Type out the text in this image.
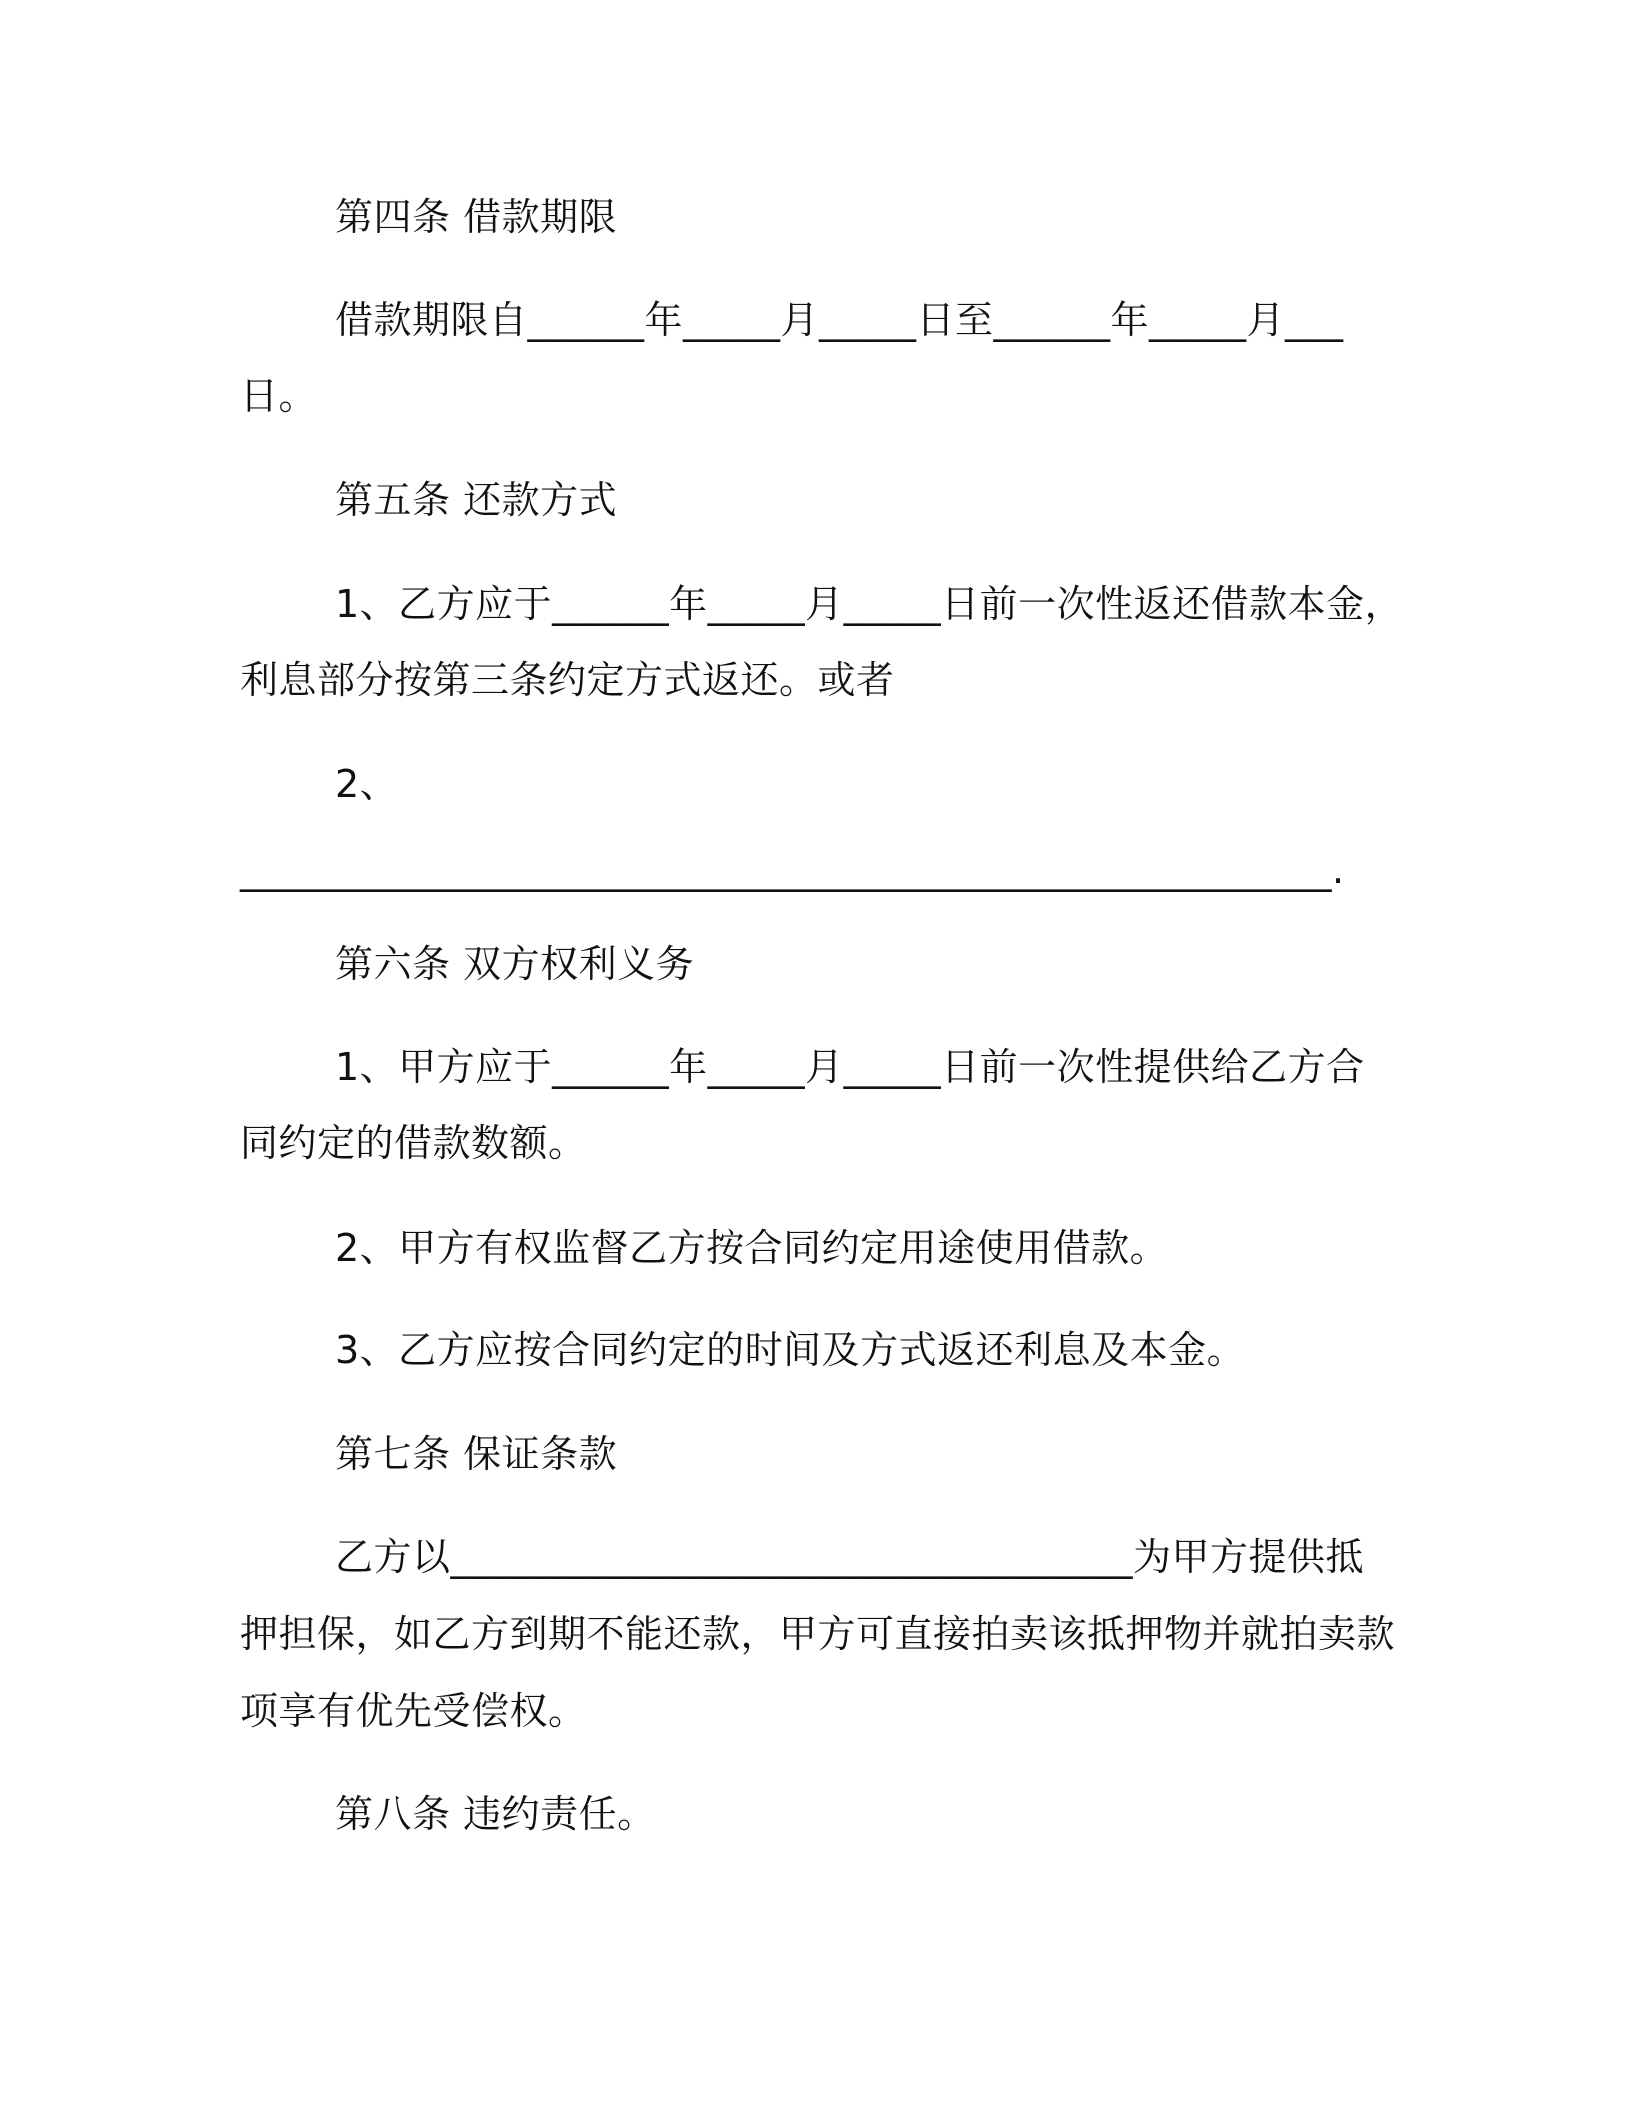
第四条 借款期限
借款期限自______年_____月_____日至______年_____月___
日。
第五条 还款方式
1、乙方应于______年_____月_____日前一次性返还借款本金，
利息部分按第三条约定方式返还。或者
2、
________________________________________________________.
第六条 双方权利义务
1、甲方应于______年_____月_____日前一次性提供给乙方合
同约定的借款数额。
2、甲方有权监督乙方按合同约定用途使用借款。
3、乙方应按合同约定的时间及方式返还利息及本金。
第七条 保证条款
乙方以___________________________________为甲方提供抵
押担保，如乙方到期不能还款，甲方可直接拍卖该抵押物并就拍卖款
项享有优先受偿权。
第八条 违约责任。
